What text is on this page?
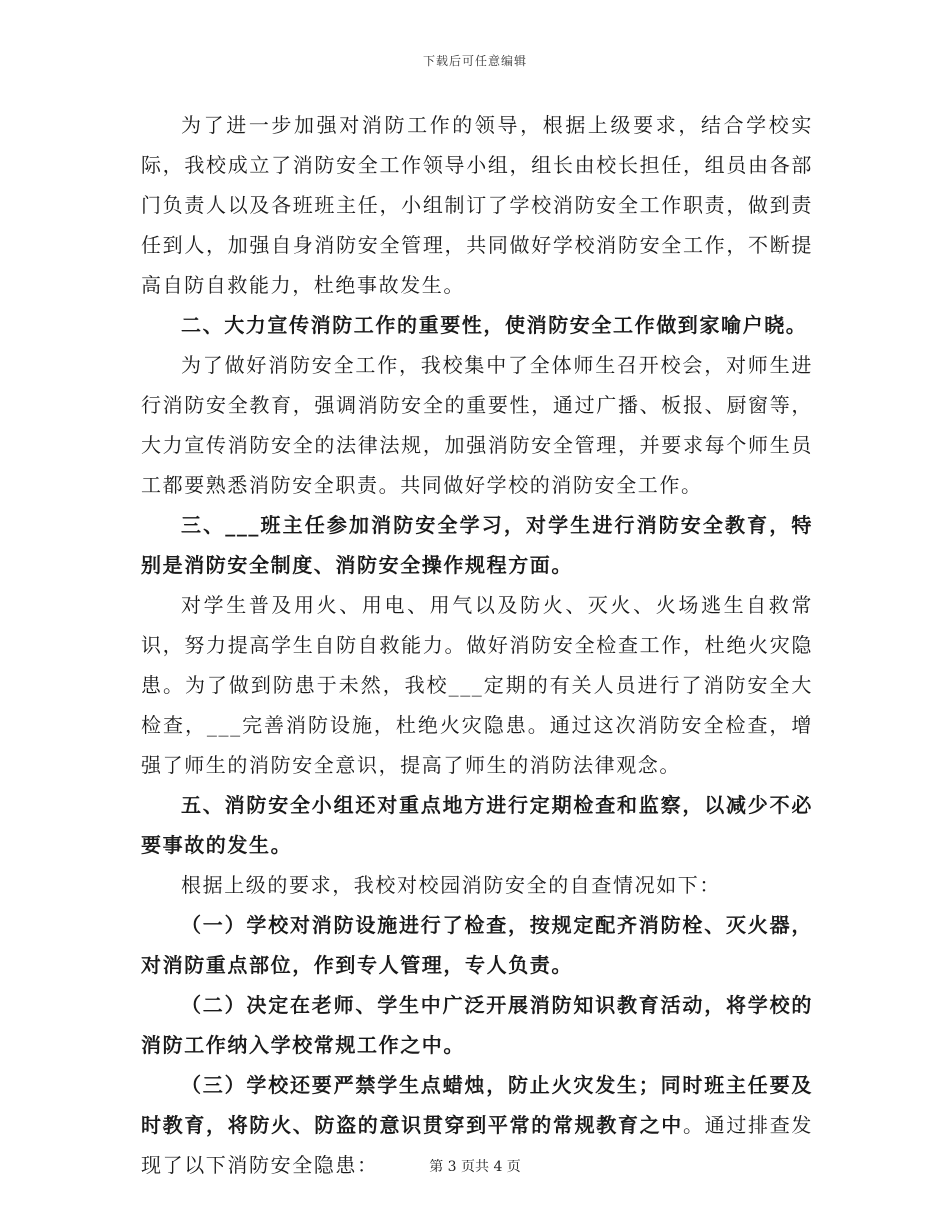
下载后可任意编辑

为了进一步加强对消防工作的领导，根据上级要求，结合学校实际，我校成立了消防安全工作领导小组，组长由校长担任，组员由各部门负责人以及各班班主任，小组制订了学校消防安全工作职责，做到责任到人，加强自身消防安全管理，共同做好学校消防安全工作，不断提高自防自救能力，杜绝事故发生。

二、大力宣传消防工作的重要性，使消防安全工作做到家喻户晓。

为了做好消防安全工作，我校集中了全体师生召开校会，对师生进行消防安全教育，强调消防安全的重要性，通过广播、板报、厨窗等，大力宣传消防安全的法律法规，加强消防安全管理，并要求每个师生员工都要熟悉消防安全职责。共同做好学校的消防安全工作。

三、___班主任参加消防安全学习，对学生进行消防安全教育，特别是消防安全制度、消防安全操作规程方面。

对学生普及用火、用电、用气以及防火、灭火、火场逃生自救常识，努力提高学生自防自救能力。做好消防安全检查工作，杜绝火灾隐患。为了做到防患于未然，我校___定期的有关人员进行了消防安全大检查，___完善消防设施，杜绝火灾隐患。通过这次消防安全检查，增强了师生的消防安全意识，提高了师生的消防法律观念。

五、消防安全小组还对重点地方进行定期检查和监察，以减少不必要事故的发生。

根据上级的要求，我校对校园消防安全的自查情况如下：

（一）学校对消防设施进行了检查，按规定配齐消防栓、灭火器，对消防重点部位，作到专人管理，专人负责。

（二）决定在老师、学生中广泛开展消防知识教育活动，将学校的消防工作纳入学校常规工作之中。

（三）学校还要严禁学生点蜡烛，防止火灾发生；同时班主任要及时教育，将防火、防盗的意识贯穿到平常的常规教育之中。通过排查发现了以下消防安全隐患：	第 3 页共 4 页
